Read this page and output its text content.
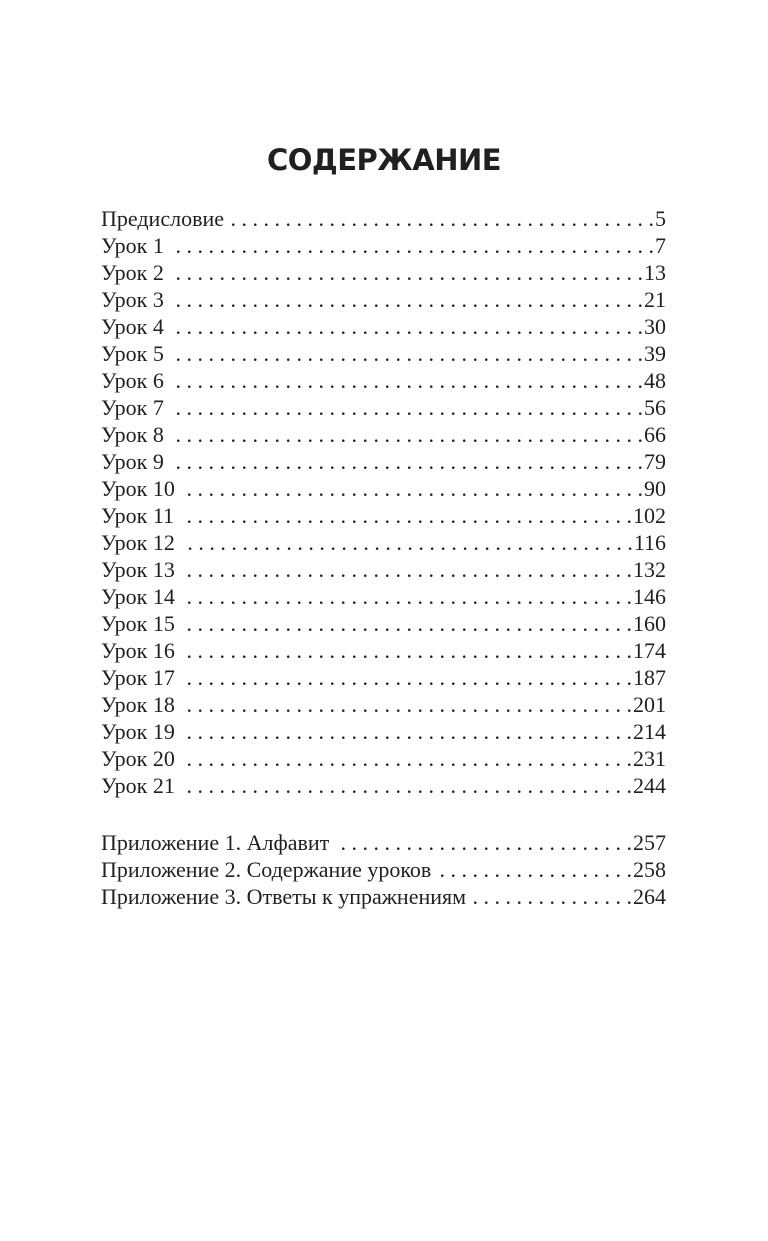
СОДЕРЖАНИЕ
Предисловие . . .	5
Урок 1 . . .	7
Урок 2 . . .	13
Урок 3 . . .	21
Урок 4 . . .	30
Урок 5 . . .	39
Урок 6 . . .	48
Урок 7 . . .	56
Урок 8 . . .	66
Урок 9 . . .	79
Урок 10 . . .	90
Урок 11 . . .	102
Урок 12 . . .	116
Урок 13 . . .	132
Урок 14 . . .	146
Урок 15 . . .	160
Урок 16 . . .	174
Урок 17 . . .	187
Урок 18 . . .	201
Урок 19 . . .	214
Урок 20 . . .	231
Урок 21 . . .	244
Приложение 1. Алфавит . . .	257
Приложение 2. Содержание уроков . . .	258
Приложение 3. Ответы к упражнениям . . .	264
